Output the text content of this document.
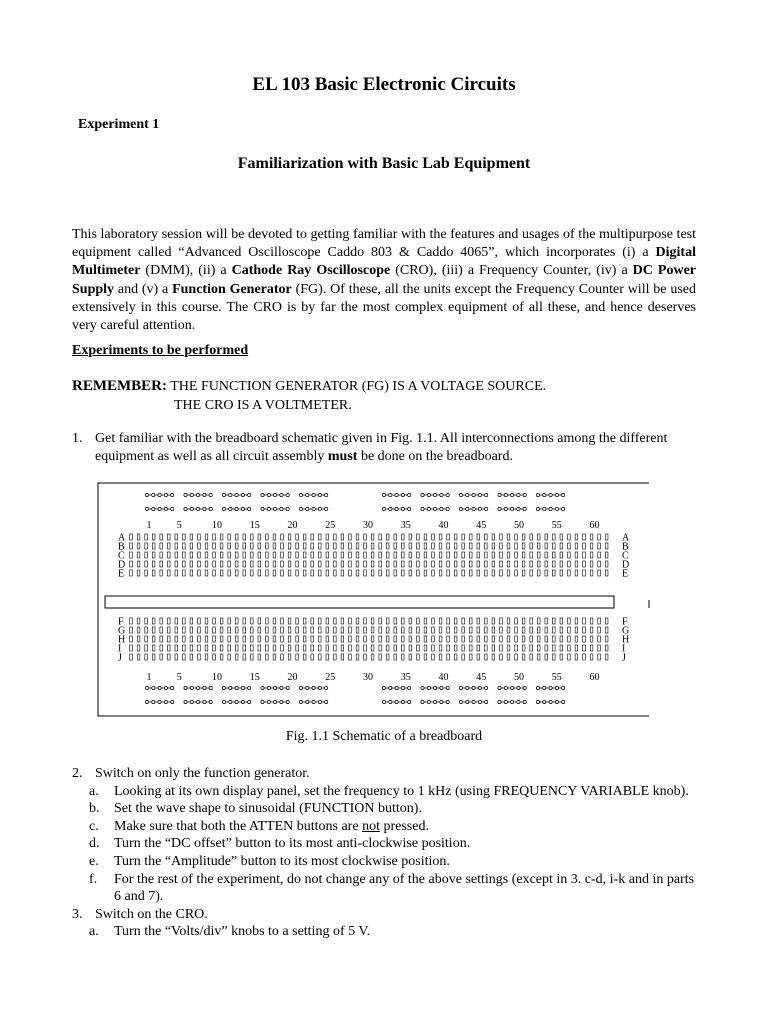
EL 103 Basic Electronic Circuits
Experiment 1
Familiarization with Basic Lab Equipment
This laboratory session will be devoted to getting familiar with the features and usages of the multipurpose test equipment called “Advanced Oscilloscope Caddo 803 & Caddo 4065”, which incorporates (i) a Digital Multimeter (DMM), (ii) a Cathode Ray Oscilloscope (CRO), (iii) a Frequency Counter, (iv) a DC Power Supply and (v) a Function Generator (FG). Of these, all the units except the Frequency Counter will be used extensively in this course. The CRO is by far the most complex equipment of all these, and hence deserves very careful attention.
Experiments to be performed
REMEMBER: THE FUNCTION GENERATOR (FG) IS A VOLTAGE SOURCE.
THE CRO IS A VOLTMETER.
1. Get familiar with the breadboard schematic given in Fig. 1.1. All interconnections among the different equipment as well as all circuit assembly must be done on the breadboard.
1	5	10	15	20	25	30	35	40	45	50	55	60
1	5	10	15	20	25	30	35	40	45	50	55	60
A	A
B	B
C	C
D	D
E	E
F	F
G	G
H	H
I	I
J	J
Fig. 1.1 Schematic of a breadboard
2. Switch on only the function generator.
a. Looking at its own display panel, set the frequency to 1 kHz (using FREQUENCY VARIABLE knob).
b. Set the wave shape to sinusoidal (FUNCTION button).
c. Make sure that both the ATTEN buttons are not pressed.
d. Turn the “DC offset” button to its most anti-clockwise position.
e. Turn the “Amplitude” button to its most clockwise position.
f. For the rest of the experiment, do not change any of the above settings (except in 3. c-d, i-k and in parts 6 and 7).
3. Switch on the CRO.
a. Turn the “Volts/div” knobs to a setting of 5 V.
